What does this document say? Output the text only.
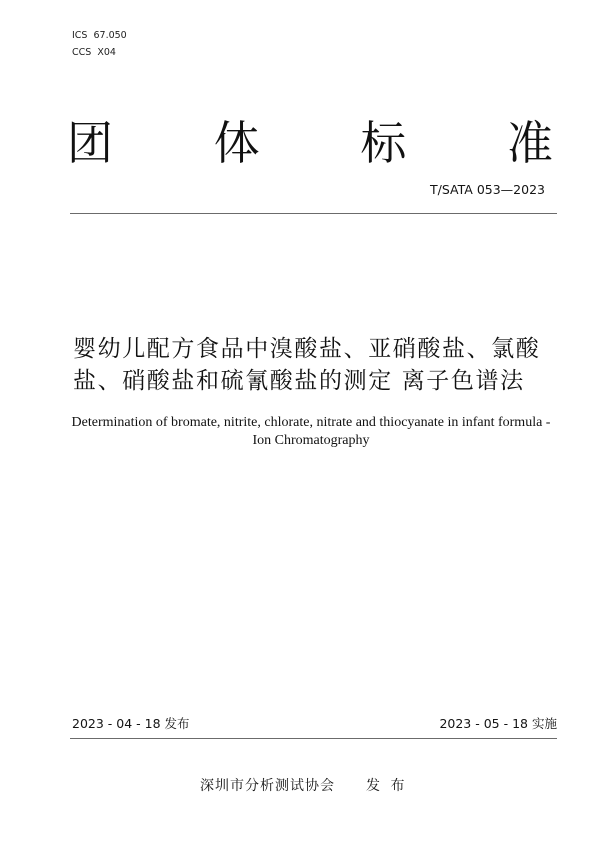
ICS 67.050
CCS X04
团 体 标 准
T/SATA 053—2023
婴幼儿配方食品中溴酸盐、亚硝酸盐、氯酸
盐、硝酸盐和硫氰酸盐的测定 离子色谱法
Determination of bromate, nitrite, chlorate, nitrate and thiocyanate in infant formula -
Ion Chromatography
2023 - 04 - 18 发布	2023 - 05 - 18 实施
深圳市分析测试协会 发 布
